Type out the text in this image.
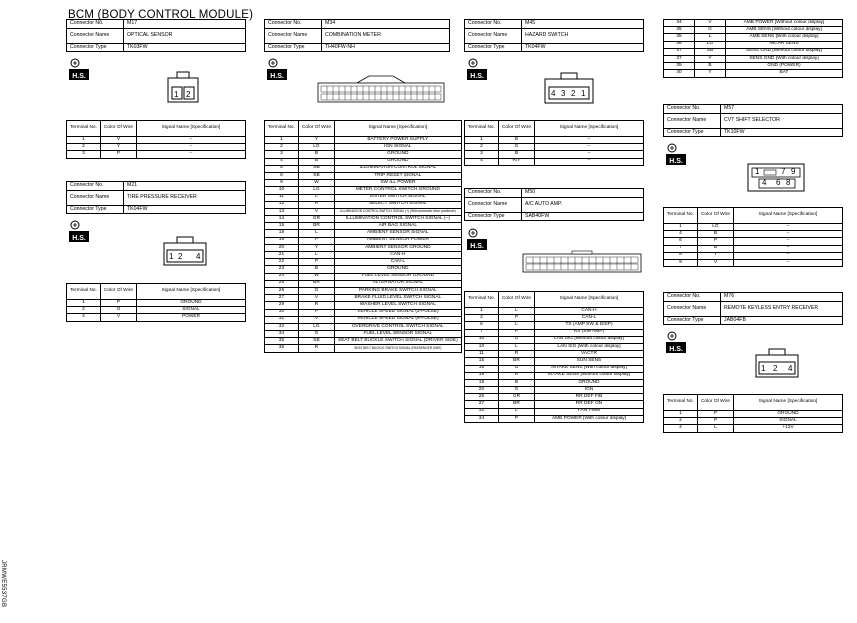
BCM (BODY CONTROL MODULE)
Connector No.	M17
Connector Name	OPTICAL SENSOR
Connector Type	TK03FW
H.S.
1 2
Terminal No.	Color Of Wire	Signal Name [Specification]
1	V	–
2	Y	–
3	P	–
Connector No.	M21
Connector Name	TIRE PRESSURE RECEIVER
Connector Type	TK04FW
H.S.
1 2 4
Terminal No.	Color Of Wire	Signal Name [Specification]
1	P	GROUND
2	O	SIGNAL
4	V	POWER
Connector No.	M34
Connector Name	COMBINATION METER
Connector Type	TH40FW-NH
H.S.
Terminal No.	Color Of Wire	Signal Name [Specification]
1	Y	BATTERY POWER SUPPLY
2	LG	IGN SIGNAL
3	B	GROUND
4	B	GROUND
5	SB	ILLUMINATION CONTROL SIGNAL
8	SB	TRIP RESET SIGNAL
9	W	SW ILL POWER
10	LG	METER CONTROL SWITCH GROUND
11	L	ENTER SWITCH SIGNAL
12	R	SELECT SWITCH SIGNAL
13	V	ILLUMINATION CONTROL SWITCH SIGNAL (+) (With automatic drive positioner)
14	GR	ILLUMINATION CONTROL SWITCH SIGNAL (–)
15	BR	AIR BAG SIGNAL
18	L	AMBIENT SENSOR SIGNAL
19	P	AMBIENT SENSOR POWER
20	Y	AMBIENT SENSOR GROUND
21	L	CAN-H
22	P	CAN-L
23	B	GROUND
24	W	FUEL LEVEL SENSOR GROUND
25	BR	ALTERNATOR SIGNAL
26	G	PARKING BRAKE SWITCH SIGNAL
27	V	BRAKE FLUID LEVEL SWITCH SIGNAL
29	R	WASHER LEVEL SWITCH SIGNAL
30	P	VEHICLE SPEED SIGNAL (2-PULSE)
31	V	VEHICLE SPEED SIGNAL (8-PULSE)
32	LG	OVERDRIVE CONTROL SWITCH SIGNAL
34	G	FUEL LEVEL SENSOR SIGNAL
35	SB	SEAT BELT BUCKLE SWITCH SIGNAL (DRIVER SIDE)
36	R	SEAT BELT BUCKLE SWITCH SIGNAL (PASSENGER SIDE)
Connector No.	M45
Connector Name	HAZARD SWITCH
Connector Type	TK04FW
H.S.
4 3 2 1
Terminal No.	Color Of Wire	Signal Name [Specification]
1	B	–
2	G	–
3	B	–
4	R/Y	–
Connector No.	M50
Connector Name	A/C AUTO AMP.
Connector Type	SAB40FW
H.S.
Terminal No.	Color Of Wire	Signal Name [Specification]
1	L	CAN-H
2	P	CAN-L
6	L	TX (AMP SW & DISP)
7	P	RX (SW AMP)
10	G	LAN SIG [Without colour display]
10	L	LAN SIG [With colour display]
11	R	VACTR
15	BR	SUN SENS
16	G	INTAKE SENS [With colour display]
18	R	INTAKE SENS [Without colour display]
19	B	GROUND
20	G	IGN
26	GR	RR DEF F/B
27	BR	RR DEF ON
32	L	FAN PWM
34	P	AMB POWER [With colour display]
34	V	AMB POWER [Without colour display]
35	G	AMB SENS [Without colour display]
35	L	AMB SENS [With colour display]
36	LG	INCAR SENS
37	SB	SENS GND [Without colour display]
37	Y	SENS GND [With colour display]
39	B	GND (POWER)
40	Y	BAT
Connector No.	M57
Connector Name	CVT SHIFT SELECTOR
Connector Type	TK10FW
H.S.
1	7 9
4 6 8
Terminal No.	Color Of Wire	Signal Name [Specification]
1	LG	–
4	B	–
6	P	–
7	B	–
8	Y	–
9	V	–
Connector No.	M76
Connector Name	REMOTE KEYLESS ENTRY RECEIVER
Connector Type	JAB04FB
H.S.
1 2 4
Terminal No.	Color Of Wire	Signal Name [Specification]
1	P	GROUND
2	P	SIGNAL
4	L	+12V
JRMWE5537GB
